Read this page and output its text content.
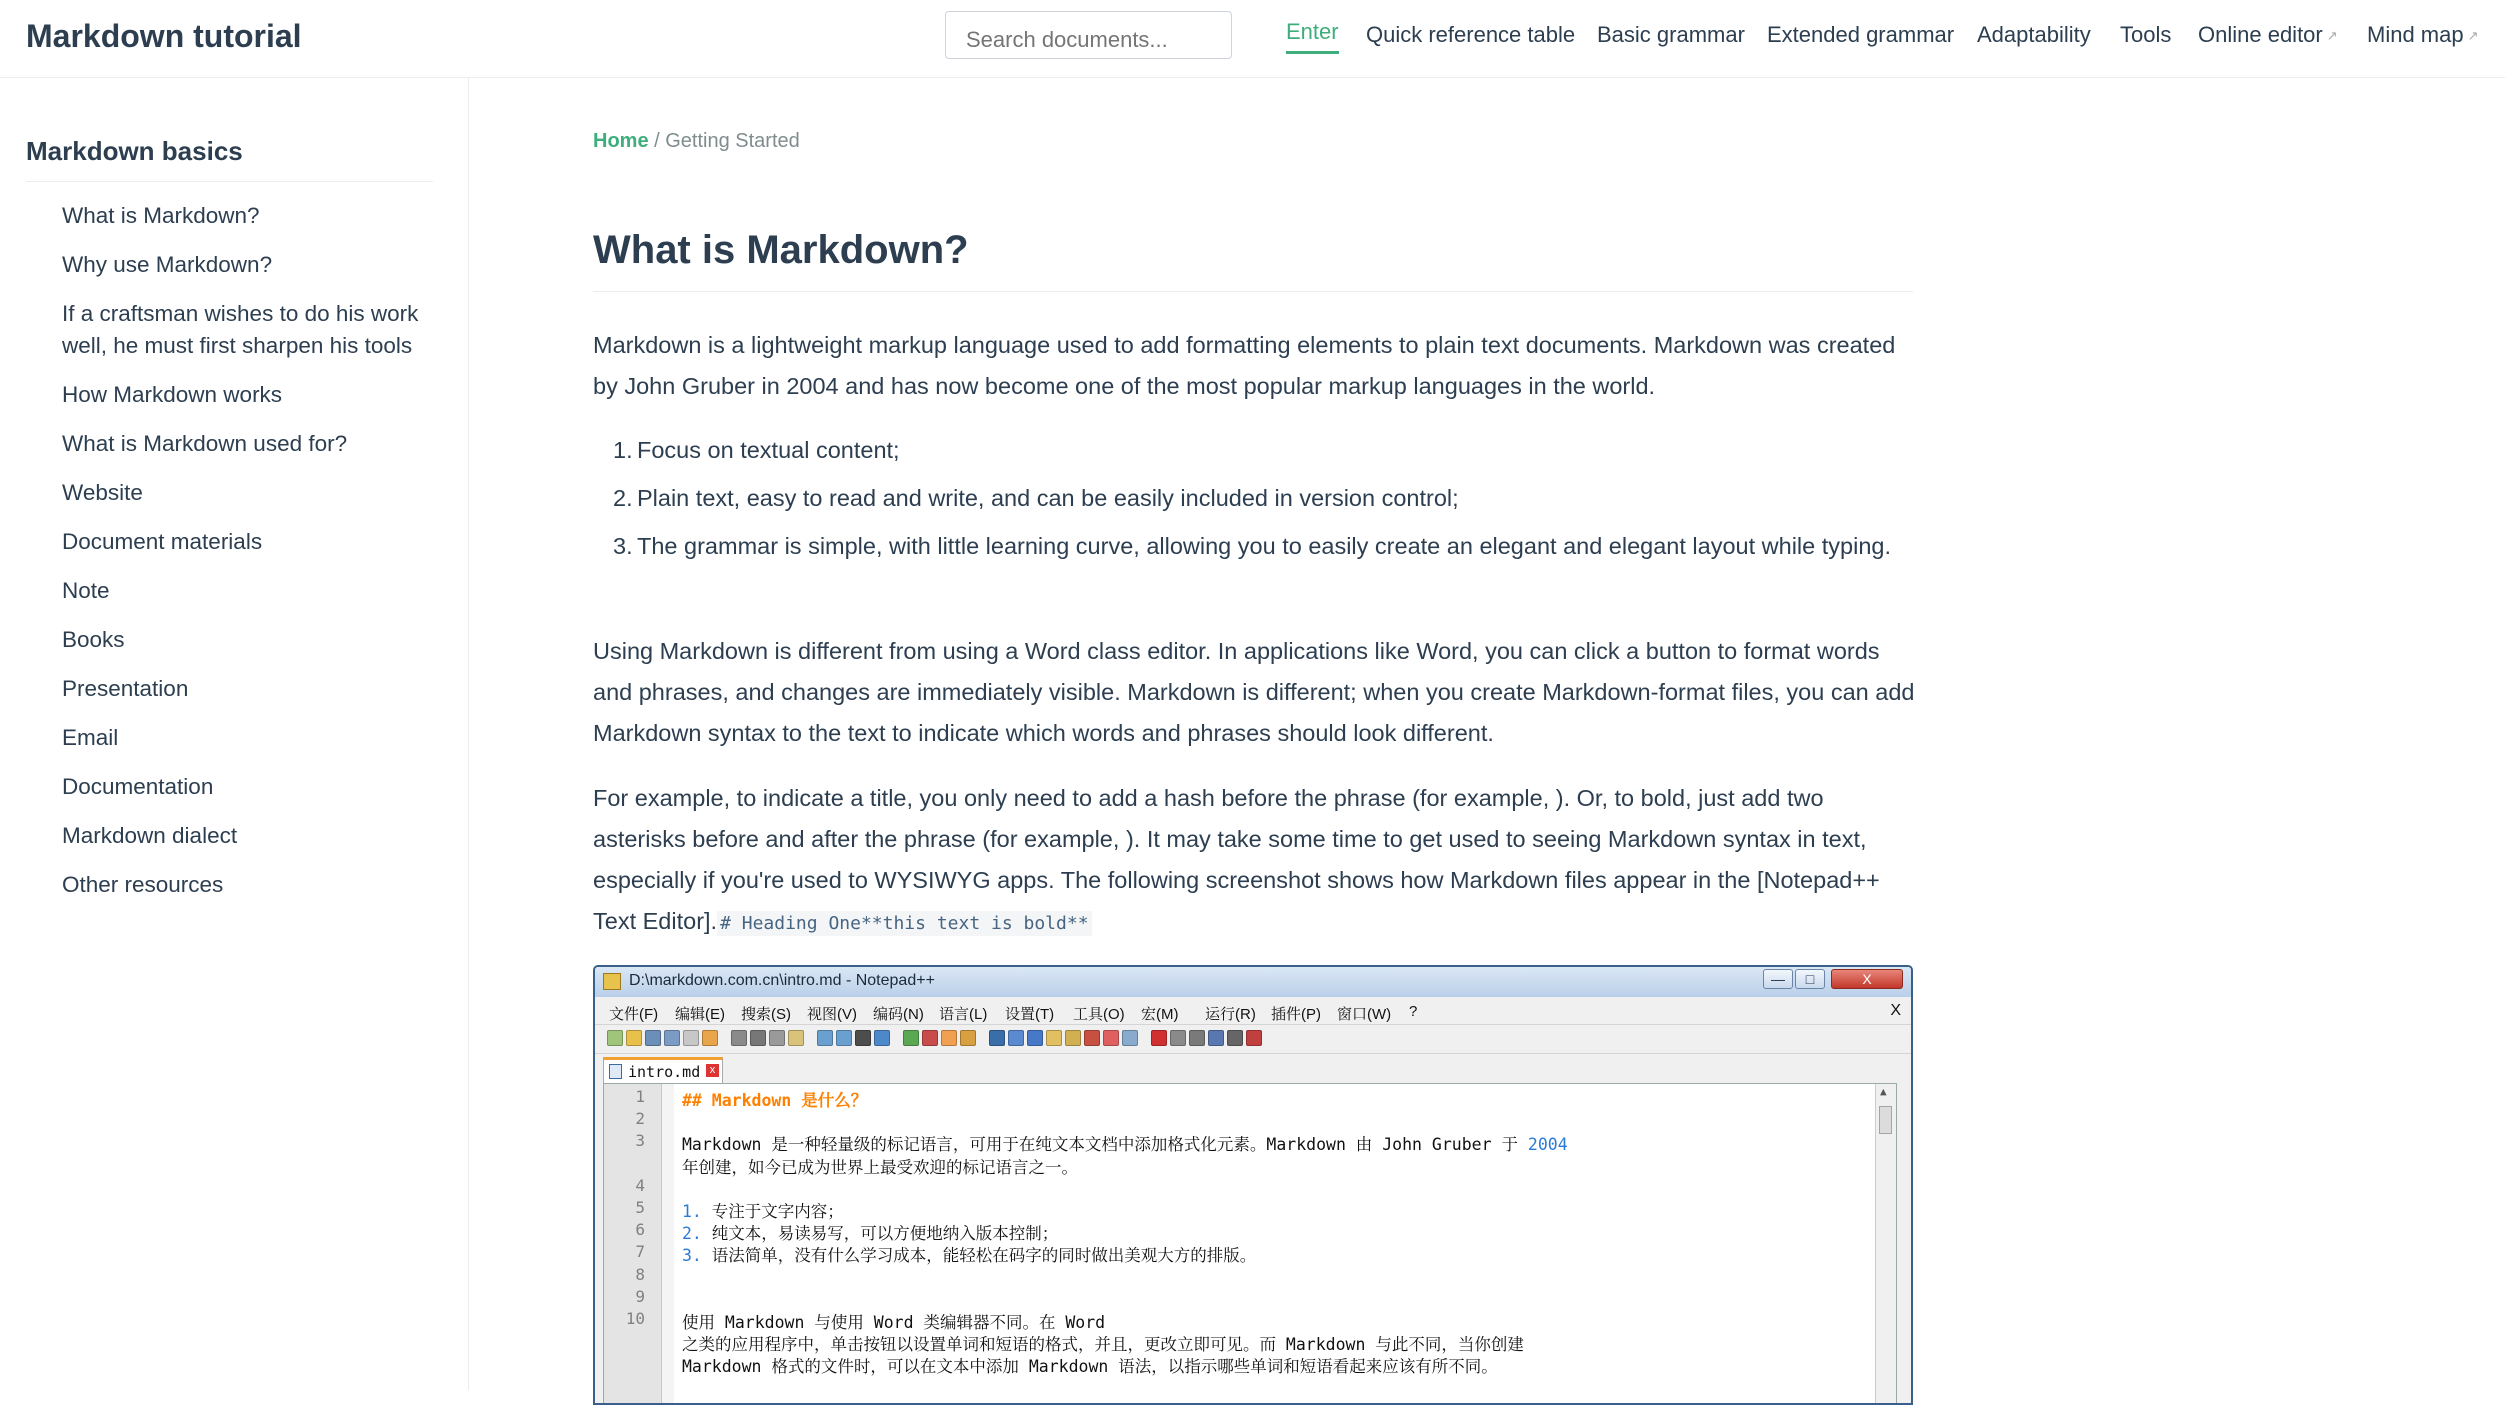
Markdown tutorial
Search documents...	Enter Quick reference table Basic grammar Extended grammar Adaptability Tools Online editor ↗ Mind map ↗
Markdown basics
What is Markdown?
Why use Markdown?
If a craftsman wishes to do his work well, he must first sharpen his tools
How Markdown works
What is Markdown used for?
Website
Document materials
Note
Books
Presentation
Email
Documentation
Markdown dialect
Other resources
Home / Getting Started
What is Markdown?

Markdown is a lightweight markup language used to add formatting elements to plain text documents. Markdown was created by John Gruber in 2004 and has now become one of the most popular markup languages in the world.

1. Focus on textual content;
2. Plain text, easy to read and write, and can be easily included in version control;
3. The grammar is simple, with little learning curve, allowing you to easily create an elegant and elegant layout while typing.

Using Markdown is different from using a Word class editor. In applications like Word, you can click a button to format words and phrases, and changes are immediately visible. Markdown is different; when you create Markdown-format files, you can add Markdown syntax to the text to indicate which words and phrases should look different.

For example, to indicate a title, you only need to add a hash before the phrase (for example, ). Or, to bold, just add two asterisks before and after the phrase (for example, ). It may take some time to get used to seeing Markdown syntax in text, especially if you're used to WYSIWYG apps. The following screenshot shows how Markdown files appear in the [Notepad++ Text Editor]. # Heading One**this text is bold**

D:\markdown.com.cn\intro.md - Notepad++	—	□	X
文件(F) 编辑(E) 搜索(S) 视图(V) 编码(N) 语言(L) 设置(T) 工具(O) 宏(M) 运行(R) 插件(P) 窗口(W) ?	X
intro.md x
1
2
3
4
5
6
7
8
9
10
▲
## Markdown 是什么？
Markdown 是一种轻量级的标记语言，可用于在纯文本文档中添加格式化元素。Markdown 由 John Gruber 于 2004
年创建，如今已成为世界上最受欢迎的标记语言之一。
1. 专注于文字内容；
2. 纯文本，易读易写，可以方便地纳入版本控制；
3. 语法简单，没有什么学习成本，能轻松在码字的同时做出美观大方的排版。
使用 Markdown 与使用 Word 类编辑器不同。在 Word
之类的应用程序中，单击按钮以设置单词和短语的格式，并且，更改立即可见。而 Markdown 与此不同，当你创建
Markdown 格式的文件时，可以在文本中添加 Markdown 语法，以指示哪些单词和短语看起来应该有所不同。
